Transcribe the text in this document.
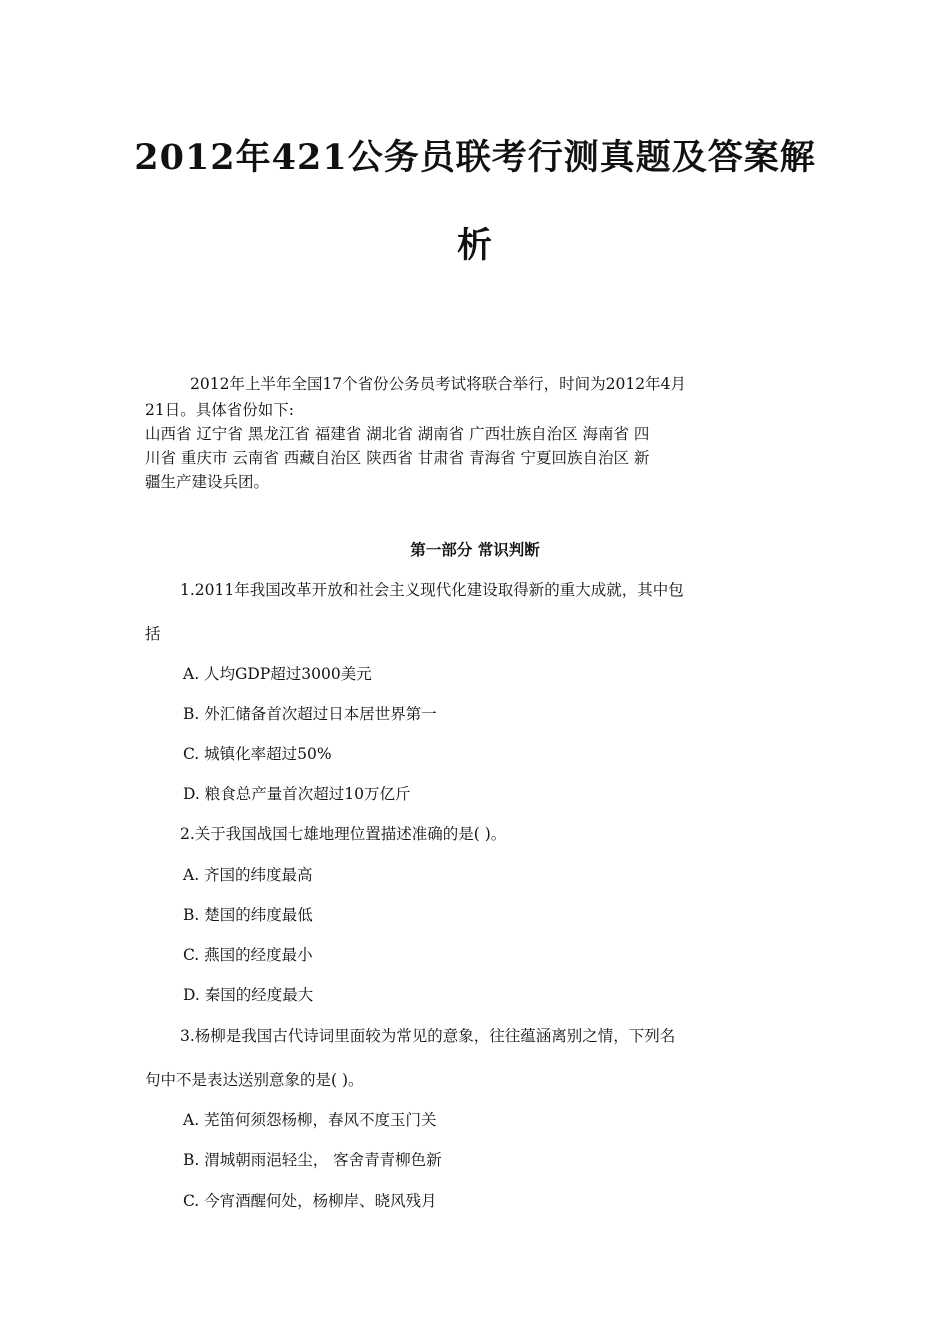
2012年421公务员联考行测真题及答案解
析

2012年上半年全国17个省份公务员考试将联合举行，时间为2012年4月

21日。具体省份如下:

山西省 辽宁省 黑龙江省 福建省 湖北省 湖南省 广西壮族自治区 海南省 四

川省 重庆市 云南省 西藏自治区 陕西省 甘肃省 青海省 宁夏回族自治区 新

疆生产建设兵团。

第一部分 常识判断

1.2011年我国改革开放和社会主义现代化建设取得新的重大成就，其中包

括

A. 人均GDP超过3000美元

B. 外汇储备首次超过日本居世界第一

C. 城镇化率超过50%

D. 粮食总产量首次超过10万亿斤

2.关于我国战国七雄地理位置描述准确的是( )。

A. 齐国的纬度最高

B. 楚国的纬度最低

C. 燕国的经度最小

D. 秦国的经度最大

3.杨柳是我国古代诗词里面较为常见的意象，往往蕴涵离别之情，下列名

句中不是表达送别意象的是( )。

A. 芜笛何须怨杨柳，春风不度玉门关

B. 渭城朝雨浥轻尘， 客舍青青柳色新

C. 今宵酒醒何处，杨柳岸、晓风残月
